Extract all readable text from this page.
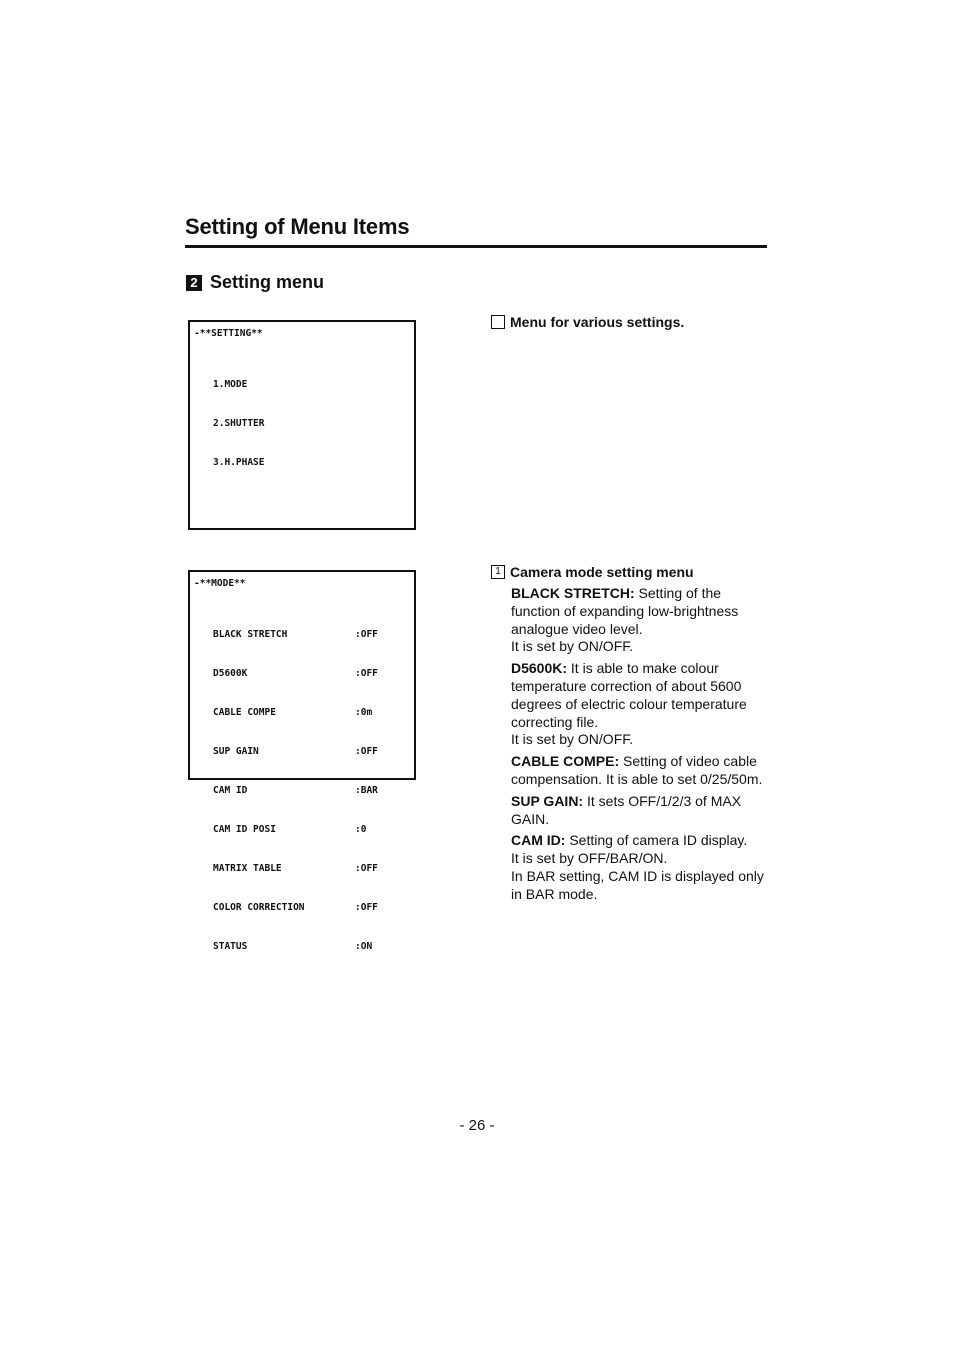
Setting of Menu Items
2 Setting menu

-**SETTING**

1.MODE

2.SHUTTER

3.H.PHASE

Menu for various settings.

-**MODE**

BLACK STRETCH	:OFF

D5600K	:OFF

CABLE COMPE	:0m

SUP GAIN	:OFF

CAM ID	:BAR

CAM ID POSI	:0

MATRIX TABLE	:OFF

COLOR CORRECTION	:OFF

STATUS	:ON

1 Camera mode setting menu

BLACK STRETCH: Setting of the function of expanding low-brightness analogue video level.
It is set by ON/OFF.

D5600K: It is able to make colour temperature correction of about 5600 degrees of electric colour temperature correcting file.
It is set by ON/OFF.

CABLE COMPE: Setting of video cable compensation. It is able to set 0/25/50m.

SUP GAIN: It sets OFF/1/2/3 of MAX GAIN.

CAM ID: Setting of camera ID display.
It is set by OFF/BAR/ON.
In BAR setting, CAM ID is displayed only in BAR mode.

- 26 -
